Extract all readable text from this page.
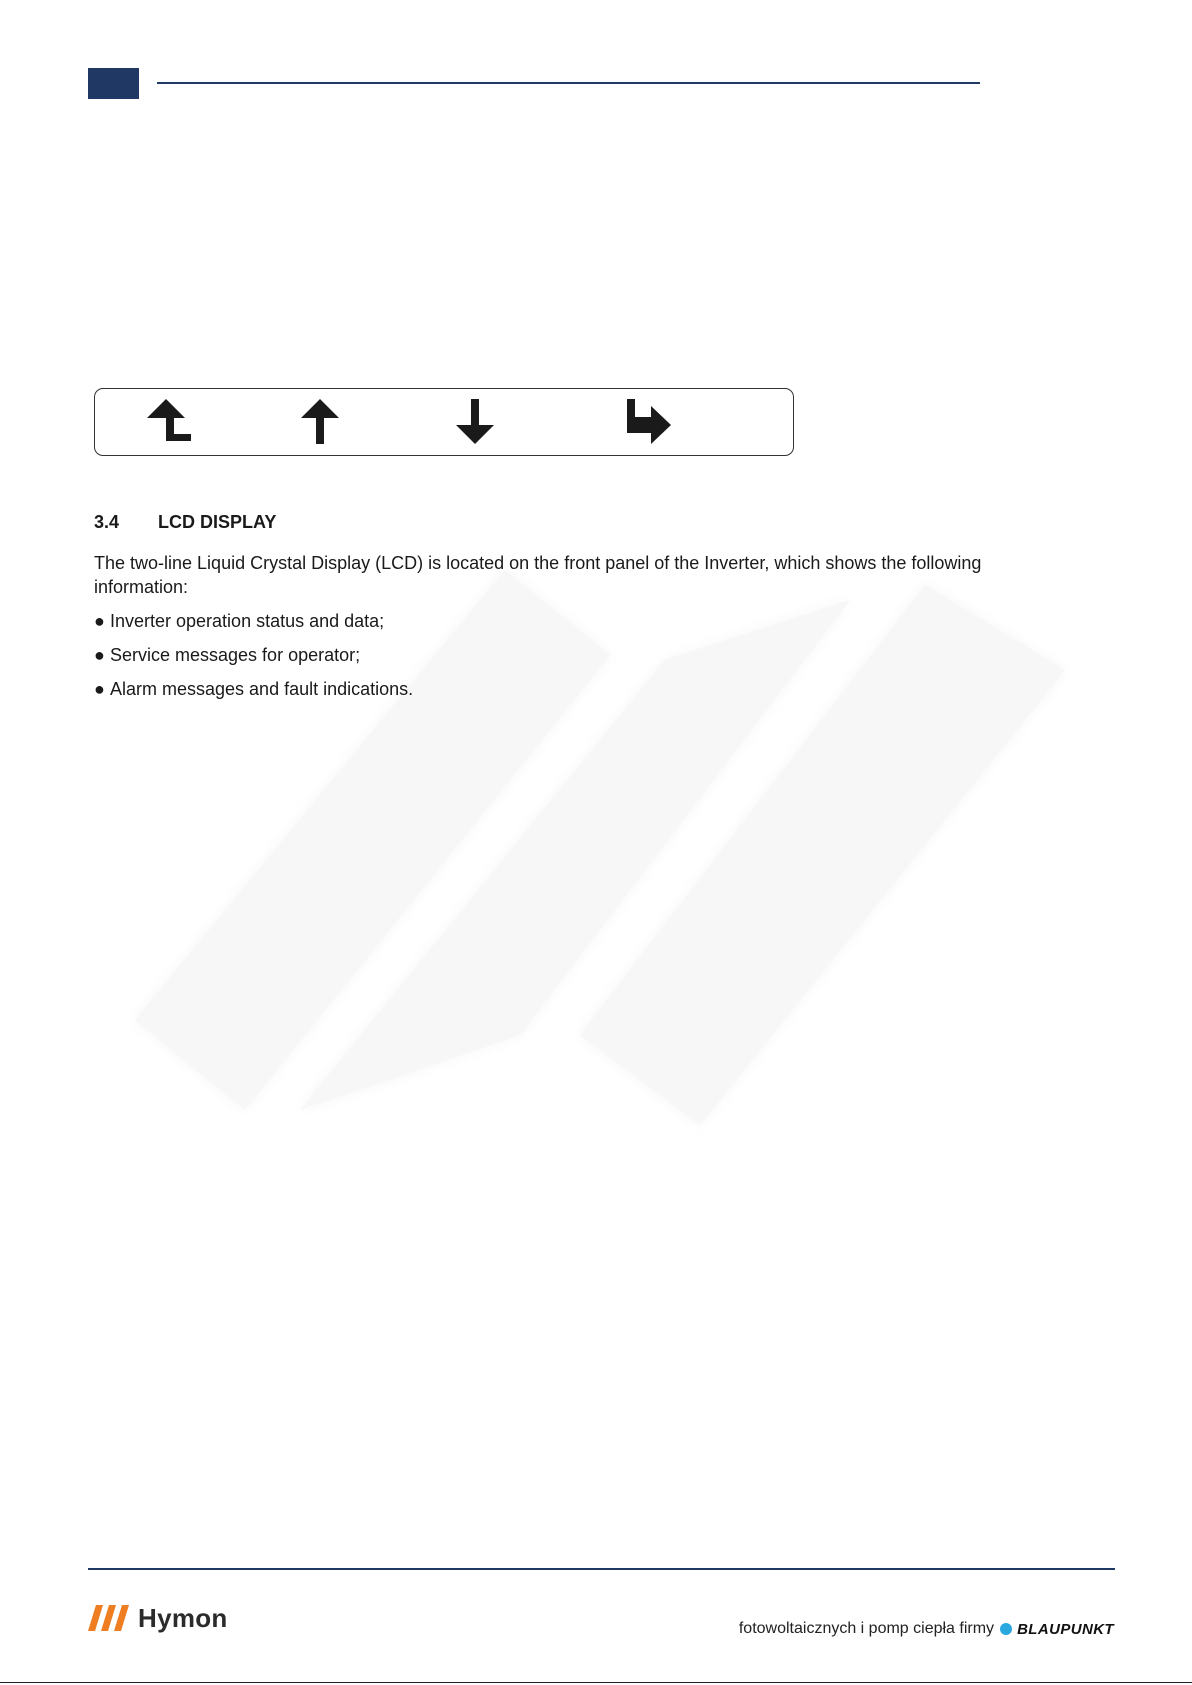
3.4 LCD DISPLAY
The two-line Liquid Crystal Display (LCD) is located on the front panel of the Inverter, which shows the following information:
● Inverter operation status and data;
● Service messages for operator;
● Alarm messages and fault indications.
Hymon	fotowoltaicznych i pomp ciepła firmy BLAUPUNKT
